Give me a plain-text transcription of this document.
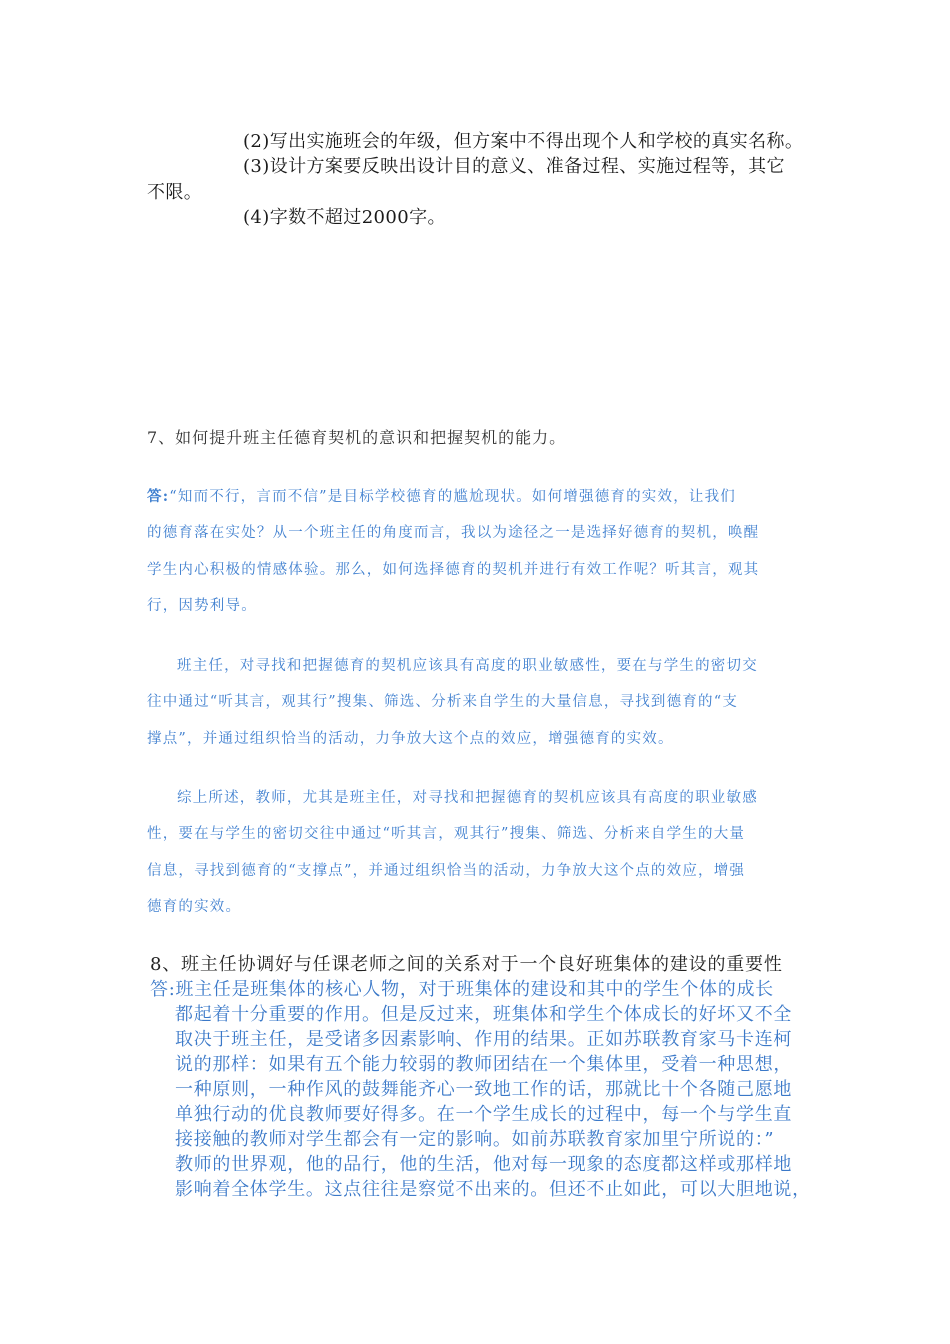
(2)写出实施班会的年级，但方案中不得出现个人和学校的真实名称。
(3)设计方案要反映出设计目的意义、准备过程、实施过程等，其它
不限。
(4)字数不超过2000字。
7、如何提升班主任德育契机的意识和把握契机的能力。
答:“知而不行，言而不信”是目标学校德育的尴尬现状。如何增强德育的实效，让我们
的德育落在实处？从一个班主任的角度而言，我以为途径之一是选择好德育的契机，唤醒
学生内心积极的情感体验。那么，如何选择德育的契机并进行有效工作呢？听其言，观其
行，因势利导。
班主任，对寻找和把握德育的契机应该具有高度的职业敏感性，要在与学生的密切交
往中通过“听其言，观其行”搜集、筛选、分析来自学生的大量信息，寻找到德育的“支
撑点”，并通过组织恰当的活动，力争放大这个点的效应，增强德育的实效。
综上所述，教师，尤其是班主任，对寻找和把握德育的契机应该具有高度的职业敏感
性，要在与学生的密切交往中通过“听其言，观其行”搜集、筛选、分析来自学生的大量
信息，寻找到德育的“支撑点”，并通过组织恰当的活动，力争放大这个点的效应，增强
德育的实效。
8、班主任协调好与任课老师之间的关系对于一个良好班集体的建设的重要性
答:班主任是班集体的核心人物，对于班集体的建设和其中的学生个体的成长
都起着十分重要的作用。但是反过来，班集体和学生个体成长的好坏又不全
取决于班主任，是受诸多因素影响、作用的结果。正如苏联教育家马卡连柯
说的那样：如果有五个能力较弱的教师团结在一个集体里，受着一种思想，
一种原则，一种作风的鼓舞能齐心一致地工作的话，那就比十个各随己愿地
单独行动的优良教师要好得多。在一个学生成长的过程中，每一个与学生直
接接触的教师对学生都会有一定的影响。如前苏联教育家加里宁所说的：”
教师的世界观，他的品行，他的生活，他对每一现象的态度都这样或那样地
影响着全体学生。这点往往是察觉不出来的。但还不止如此，可以大胆地说，
